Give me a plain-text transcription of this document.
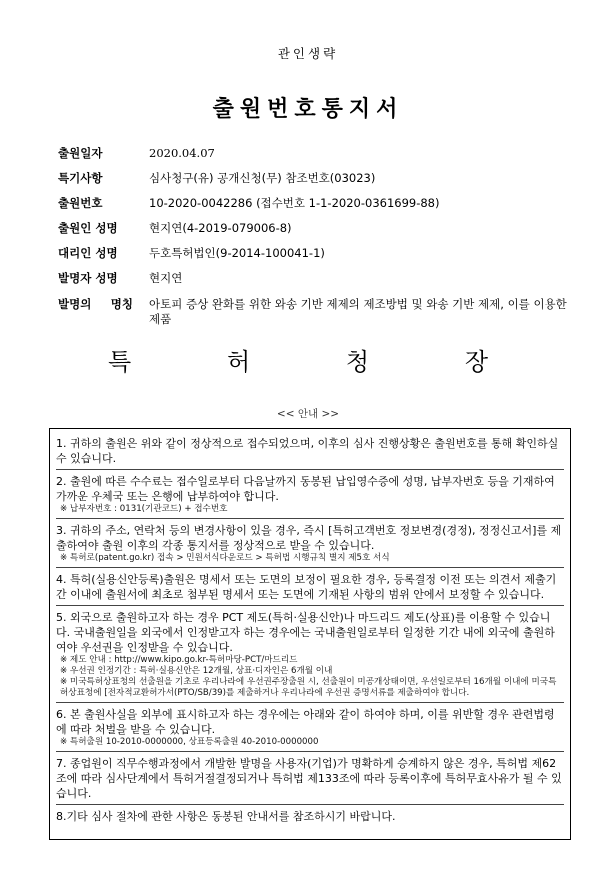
관인생략
출원번호통지서
출원일자	2020.04.07
특기사항	심사청구(유) 공개신청(무) 참조번호(03023)
출원번호	10-2020-0042286 (접수번호 1-1-2020-0361699-88)
출원인 성명	현지연(4-2019-079006-8)
대리인 성명	두호특허법인(9-2014-100041-1)
발명자 성명	현지연
발명의 명칭	아토피 증상 완화를 위한 와송 기반 제제의 제조방법 및 와송 기반 제제, 이를 이용한 제품
특	허	청	장
<< 안내 >>
1. 귀하의 출원은 위와 같이 정상적으로 접수되었으며, 이후의 심사 진행상황은 출원번호를 통해 확인하실 수 있습니다.
2. 출원에 따른 수수료는 접수일로부터 다음날까지 동봉된 납입영수증에 성명, 납부자번호 등을 기재하여 가까운 우체국 또는 은행에 납부하여야 합니다.
※ 납부자번호 : 0131(기관코드) + 접수번호
3. 귀하의 주소, 연락처 등의 변경사항이 있을 경우, 즉시 [특허고객번호 정보변경(경정), 정정신고서]를 제출하여야 출원 이후의 각종 통지서를 정상적으로 받을 수 있습니다.
※ 특허로(patent.go.kr) 접속 > 민원서식다운로드 > 특허법 시행규칙 별지 제5호 서식
4. 특허(실용신안등록)출원은 명세서 또는 도면의 보정이 필요한 경우, 등록결정 이전 또는 의견서 제출기간 이내에 출원서에 최초로 첨부된 명세서 또는 도면에 기재된 사항의 범위 안에서 보정할 수 있습니다.
5. 외국으로 출원하고자 하는 경우 PCT 제도(특허·실용신안)나 마드리드 제도(상표)를 이용할 수 있습니다. 국내출원일을 외국에서 인정받고자 하는 경우에는 국내출원일로부터 일정한 기간 내에 외국에 출원하여야 우선권을 인정받을 수 있습니다.
※ 제도 안내 : http://www.kipo.go.kr-특허마당-PCT/마드리드
※ 우선권 인정기간 : 특허·실용신안은 12개월, 상표·디자인은 6개월 이내
※ 미국특허상표청의 선출원을 기초로 우리나라에 우선권주장출원 시, 선출원이 미공개상태이면, 우선일로부터 16개월 이내에 미국특허상표청에 [전자적교환허가서(PTO/SB/39)를 제출하거나 우리나라에 우선권 증명서류를 제출하여야 합니다.
6. 본 출원사실을 외부에 표시하고자 하는 경우에는 아래와 같이 하여야 하며, 이를 위반할 경우 관련법령에 따라 처벌을 받을 수 있습니다.
※ 특허출원 10-2010-0000000, 상표등록출원 40-2010-0000000
7. 종업원이 직무수행과정에서 개발한 발명을 사용자(기업)가 명확하게 승계하지 않은 경우, 특허법 제62조에 따라 심사단계에서 특허거절결정되거나 특허법 제133조에 따라 등록이후에 특허무효사유가 될 수 있습니다.
8.기타 심사 절차에 관한 사항은 동봉된 안내서를 참조하시기 바랍니다.
